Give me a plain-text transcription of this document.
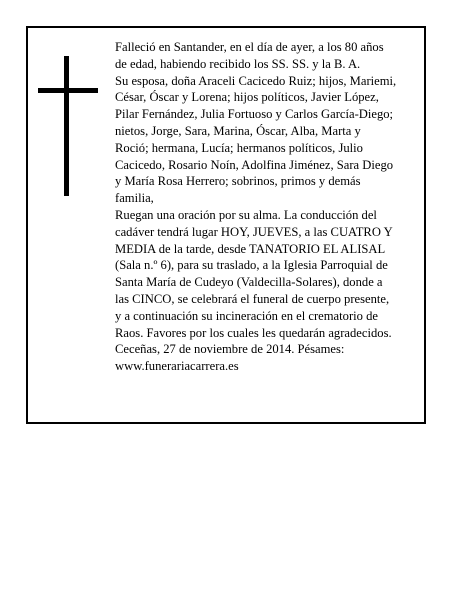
Falleció en Santander, en el día de ayer, a los 80 años
de edad, habiendo recibido los SS. SS. y la B. A.
Su esposa, doña Araceli Cacicedo Ruiz; hijos, Mariemi,
César, Óscar y Lorena; hijos políticos, Javier López,
Pilar Fernández, Julia Fortuoso y Carlos García-Diego;
nietos, Jorge, Sara, Marina, Óscar, Alba, Marta y
Roció; hermana, Lucía; hermanos políticos, Julio
Cacicedo, Rosario Noín, Adolfina Jiménez, Sara Diego
y María Rosa Herrero; sobrinos, primos y demás
familia,
Ruegan una oración por su alma. La conducción del
cadáver tendrá lugar HOY, JUEVES, a las CUATRO Y
MEDIA de la tarde, desde TANATORIO EL ALISAL
(Sala n.º 6), para su traslado, a la Iglesia Parroquial de
Santa María de Cudeyo (Valdecilla-Solares), donde a
las CINCO, se celebrará el funeral de cuerpo presente,
y a continuación su incineración en el crematorio de
Raos. Favores por los cuales les quedarán agradecidos.
Ceceñas, 27 de noviembre de 2014. Pésames:
www.funerariacarrera.es
